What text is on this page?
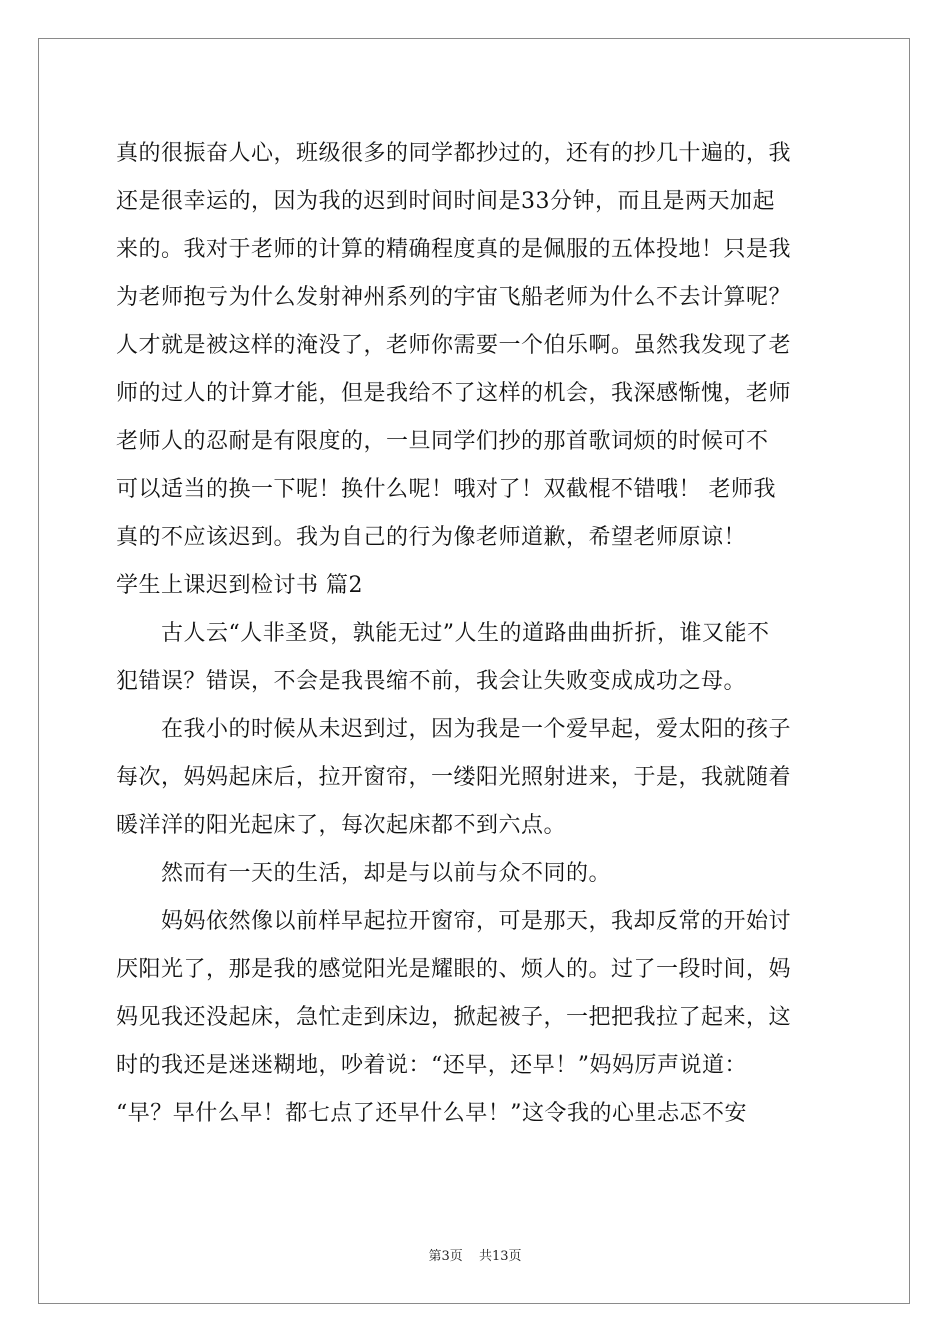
真的很振奋人心，班级很多的同学都抄过的，还有的抄几十遍的，我
还是很幸运的，因为我的迟到时间时间是33分钟，而且是两天加起
来的。我对于老师的计算的精确程度真的是佩服的五体投地！只是我
为老师抱亏为什么发射神州系列的宇宙飞船老师为什么不去计算呢？
人才就是被这样的淹没了，老师你需要一个伯乐啊。虽然我发现了老
师的过人的计算才能，但是我给不了这样的机会，我深感惭愧，老师
老师人的忍耐是有限度的，一旦同学们抄的那首歌词烦的时候可不
可以适当的换一下呢！换什么呢！哦对了！双截棍不错哦！ 老师我
真的不应该迟到。我为自己的行为像老师道歉，希望老师原谅！
学生上课迟到检讨书 篇2
　　古人云“人非圣贤，孰能无过”人生的道路曲曲折折，谁又能不
犯错误？错误，不会是我畏缩不前，我会让失败变成成功之母。
　　在我小的时候从未迟到过，因为我是一个爱早起，爱太阳的孩子
每次，妈妈起床后，拉开窗帘，一缕阳光照射进来，于是，我就随着
暖洋洋的阳光起床了，每次起床都不到六点。
　　然而有一天的生活，却是与以前与众不同的。
　　妈妈依然像以前样早起拉开窗帘，可是那天，我却反常的开始讨
厌阳光了，那是我的感觉阳光是耀眼的、烦人的。过了一段时间，妈
妈见我还没起床，急忙走到床边，掀起被子，一把把我拉了起来，这
时的我还是迷迷糊地，吵着说：“还早，还早！”妈妈厉声说道：
“早？早什么早！都七点了还早什么早！”这令我的心里忐忑不安
第3页 共13页
